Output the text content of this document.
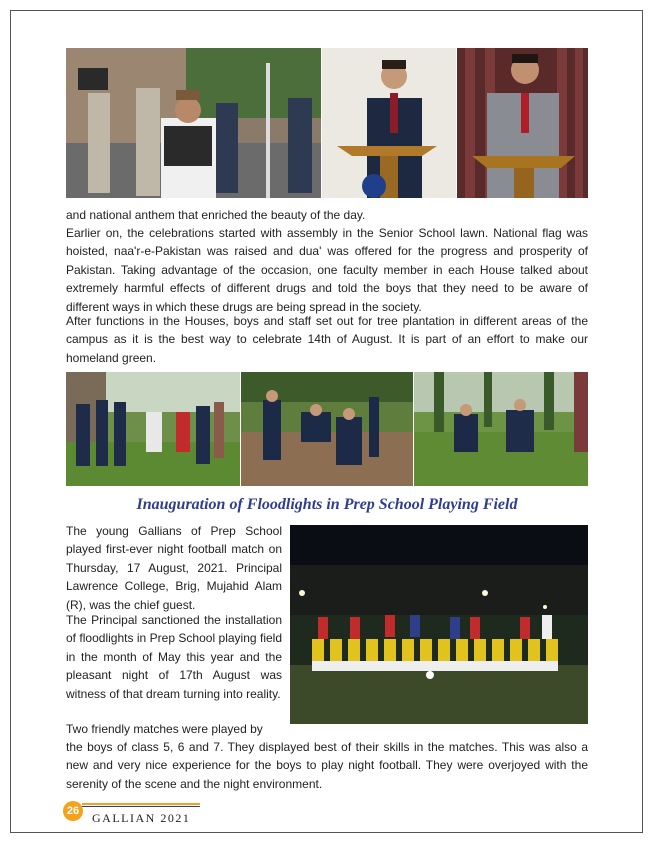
and national anthem that enriched the beauty of the day.

Earlier on, the celebrations started with assembly in the Senior School lawn. National flag was hoisted, naa'r-e-Pakistan was raised and dua' was offered for the progress and prosperity of Pakistan. Taking advantage of the occasion, one faculty member in each House talked about extremely harmful effects of different drugs and told the boys that they need to be aware of different ways in which these drugs are being spread in the society.

After functions in the Houses, boys and staff set out for tree plantation in different areas of the campus as it is the best way to celebrate 14th of August. It is part of an effort to make our homeland green.

Inauguration of Floodlights in Prep School Playing Field

The young Gallians of Prep School played first-ever night football match on Thursday, 17 August, 2021. Principal Lawrence College, Brig, Mujahid Alam (R), was the chief guest.

The Principal sanctioned the installation of floodlights in Prep School playing field in the month of May this year and the pleasant night of 17th August was witness of that dream turning into reality.

Two friendly matches were played by

the boys of class 5, 6 and 7. They displayed best of their skills in the matches. This was also a new and very nice experience for the boys to play night football. They were overjoyed with the serenity of the scene and the night environment.

26	GALLIAN 2021
